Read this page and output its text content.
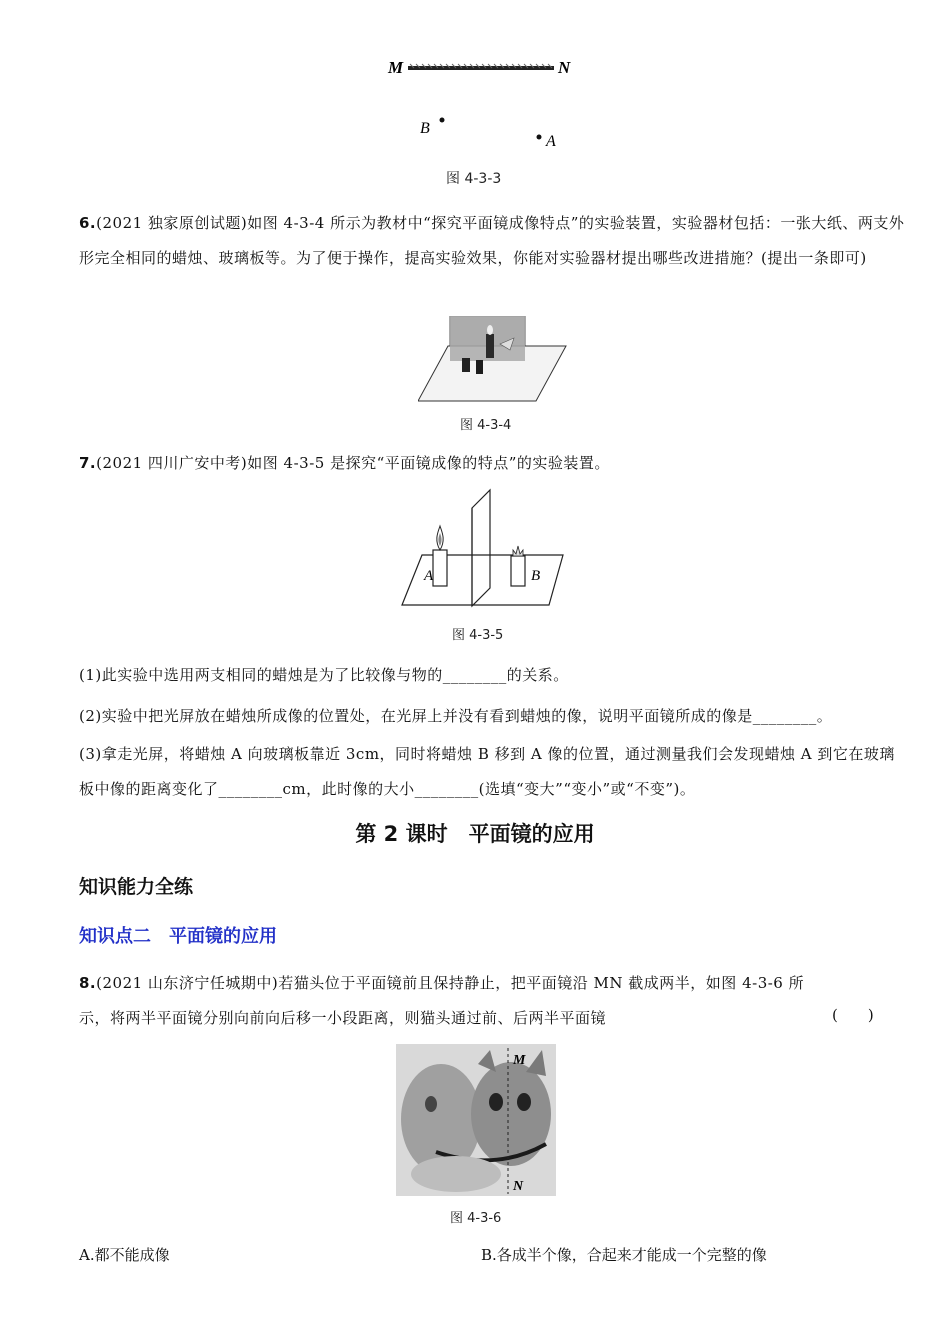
M	N
B
A
图 4-3-3
6.(2021 独家原创试题)如图 4-3-4 所示为教材中“探究平面镜成像特点”的实验装置，实验器材包括：一张大纸、两支外形完全相同的蜡烛、玻璃板等。为了便于操作，提高实验效果，你能对实验器材提出哪些改进措施？(提出一条即可)
图 4-3-4
7.(2021 四川广安中考)如图 4-3-5 是探究“平面镜成像的特点”的实验装置。
A	B
图 4-3-5
(1)此实验中选用两支相同的蜡烛是为了比较像与物的________的关系。
(2)实验中把光屏放在蜡烛所成像的位置处，在光屏上并没有看到蜡烛的像，说明平面镜所成的像是________。
(3)拿走光屏，将蜡烛 A 向玻璃板靠近 3cm，同时将蜡烛 B 移到 A 像的位置，通过测量我们会发现蜡烛 A 到它在玻璃板中像的距离变化了________cm，此时像的大小________(选填“变大”“变小”或“不变”)。
第 2 课时　平面镜的应用
知识能力全练
知识点二　平面镜的应用
8.(2021 山东济宁任城期中)若猫头位于平面镜前且保持静止，把平面镜沿 MN 截成两半，如图 4-3-6 所示，将两半平面镜分别向前向后移一小段距离，则猫头通过前、后两半平面镜	(　　)
M
N
图 4-3-6
A.都不能成像	B.各成半个像，合起来才能成一个完整的像
